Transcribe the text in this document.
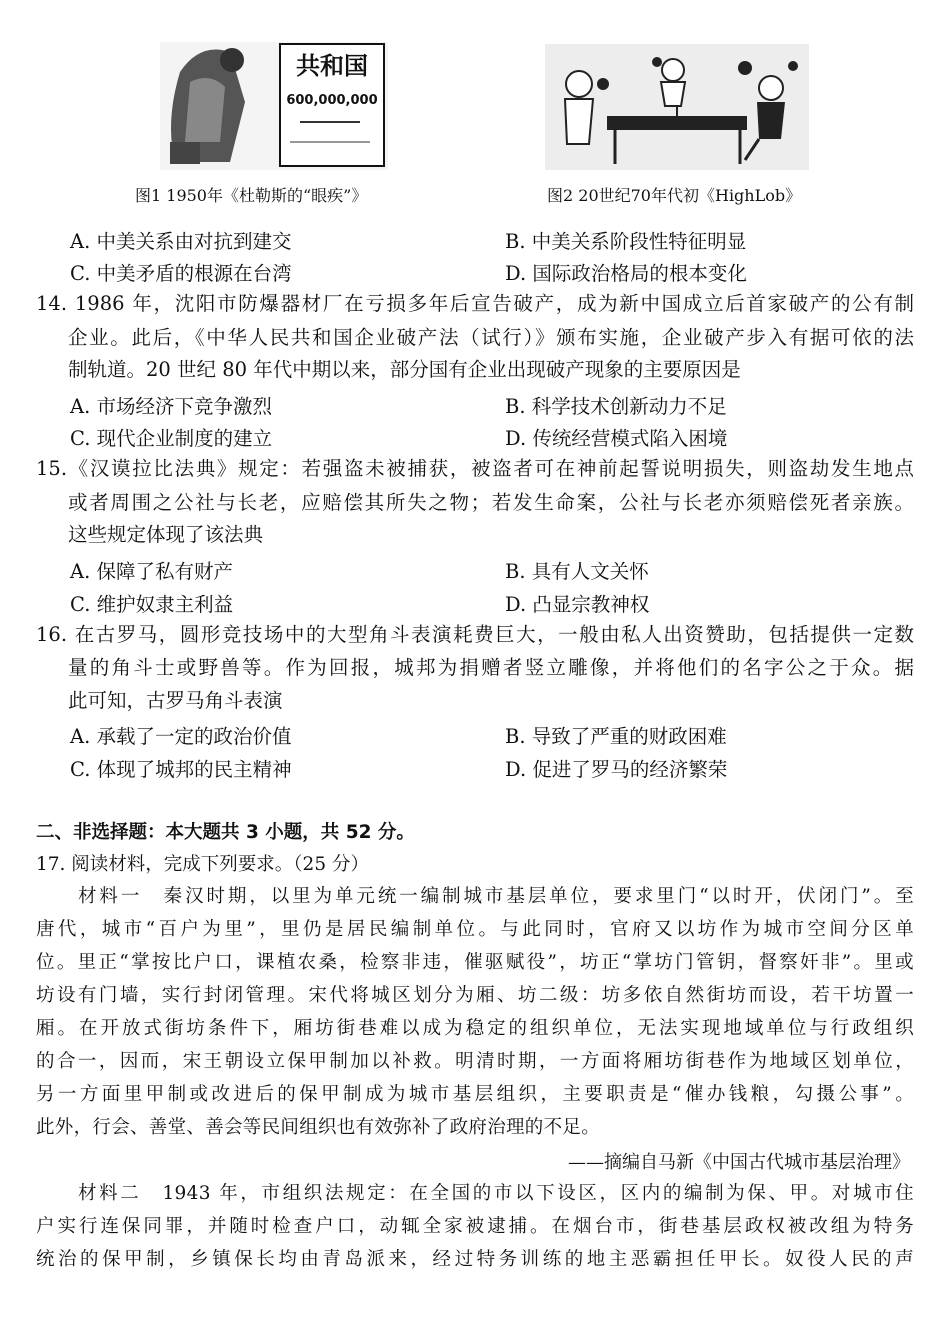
共和国
600,000,000
图1 1950年《杜勒斯的“眼疾”》	图2 20世纪70年代初《HighLob》
A. 中美关系由对抗到建交	B. 中美关系阶段性特征明显
C. 中美矛盾的根源在台湾	D. 国际政治格局的根本变化
14. 1986 年，沈阳市防爆器材厂在亏损多年后宣告破产，成为新中国成立后首家破产的公有制
企业。此后，《中华人民共和国企业破产法（试行）》颁布实施，企业破产步入有据可依的法
制轨道。20 世纪 80 年代中期以来，部分国有企业出现破产现象的主要原因是
A. 市场经济下竞争激烈	B. 科学技术创新动力不足
C. 现代企业制度的建立	D. 传统经营模式陷入困境
15.《汉谟拉比法典》规定：若强盗未被捕获，被盗者可在神前起誓说明损失，则盗劫发生地点
或者周围之公社与长老，应赔偿其所失之物；若发生命案，公社与长老亦须赔偿死者亲族。
这些规定体现了该法典
A. 保障了私有财产	B. 具有人文关怀
C. 维护奴隶主利益	D. 凸显宗教神权
16. 在古罗马，圆形竞技场中的大型角斗表演耗费巨大，一般由私人出资赞助，包括提供一定数
量的角斗士或野兽等。作为回报，城邦为捐赠者竖立雕像，并将他们的名字公之于众。据
此可知，古罗马角斗表演
A. 承载了一定的政治价值	B. 导致了严重的财政困难
C. 体现了城邦的民主精神	D. 促进了罗马的经济繁荣
二、非选择题：本大题共 3 小题，共 52 分。
17. 阅读材料，完成下列要求。（25 分）
材料一　秦汉时期，以里为单元统一编制城市基层单位，要求里门“以时开，伏闭门”。至
唐代，城市“百户为里”，里仍是居民编制单位。与此同时，官府又以坊作为城市空间分区单
位。里正“掌按比户口，课植农桑，检察非违，催驱赋役”，坊正“掌坊门管钥，督察奸非”。里或
坊设有门墙，实行封闭管理。宋代将城区划分为厢、坊二级：坊多依自然街坊而设，若干坊置一
厢。在开放式街坊条件下，厢坊街巷难以成为稳定的组织单位，无法实现地域单位与行政组织
的合一，因而，宋王朝设立保甲制加以补救。明清时期，一方面将厢坊街巷作为地域区划单位，
另一方面里甲制或改进后的保甲制成为城市基层组织，主要职责是“催办钱粮，勾摄公事”。
此外，行会、善堂、善会等民间组织也有效弥补了政府治理的不足。
——摘编自马新《中国古代城市基层治理》
材料二　1943 年，市组织法规定：在全国的市以下设区，区内的编制为保、甲。对城市住
户实行连保同罪，并随时检查户口，动辄全家被逮捕。在烟台市，街巷基层政权被改组为特务
统治的保甲制，乡镇保长均由青岛派来，经过特务训练的地主恶霸担任甲长。奴役人民的声
